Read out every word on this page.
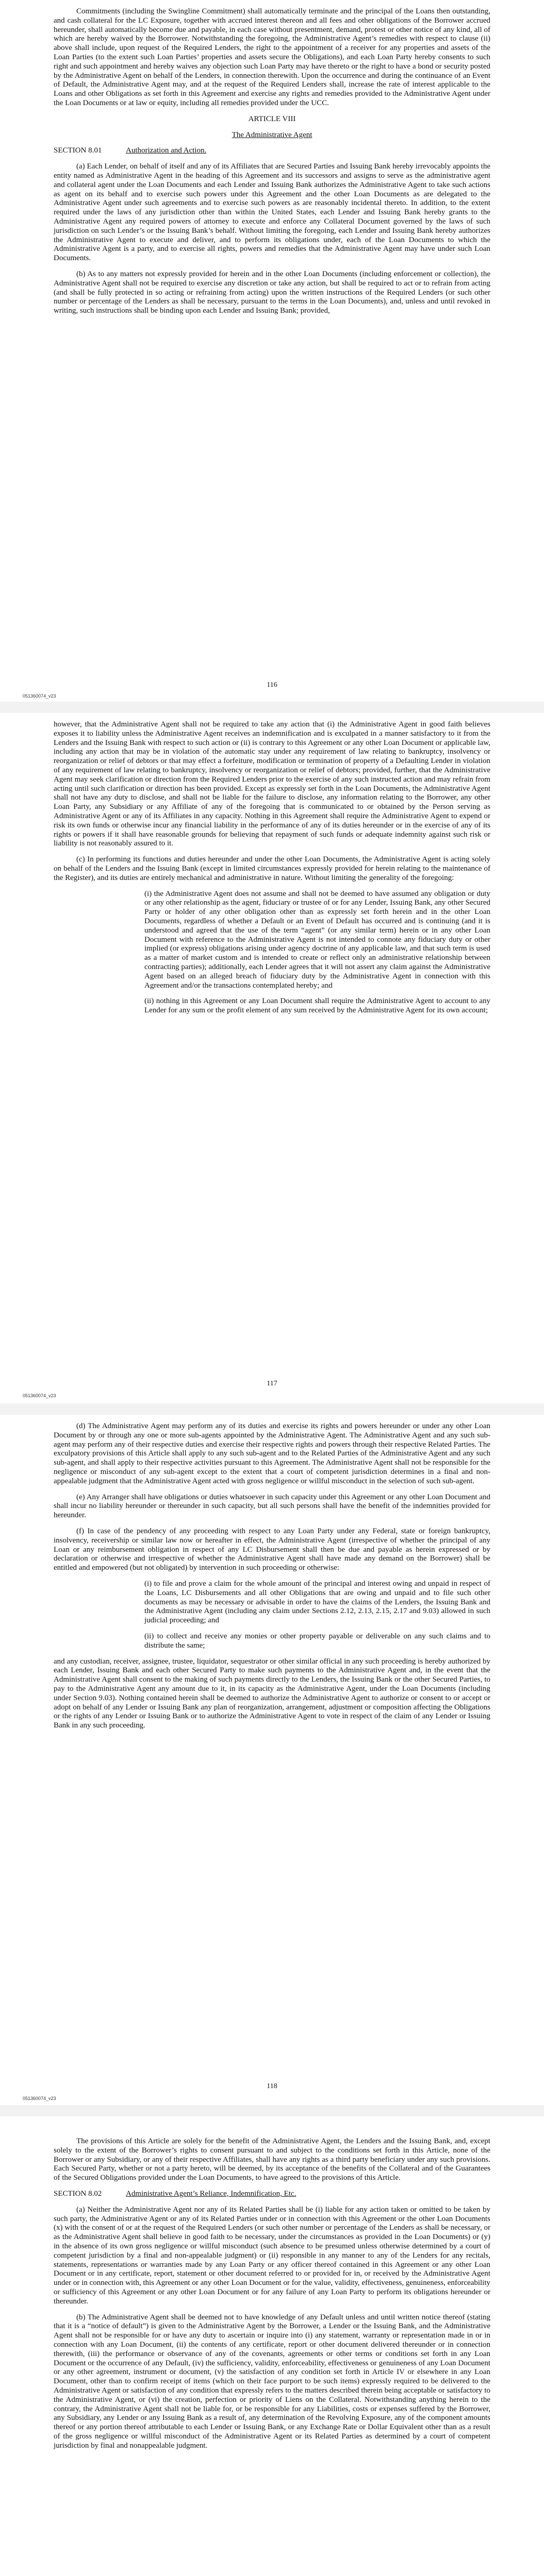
Commitments (including the Swingline Commitment) shall automatically terminate and the principal of the Loans then outstanding, and cash collateral for the LC Exposure, together with accrued interest thereon and all fees and other obligations of the Borrower accrued hereunder, shall automatically become due and payable, in each case without presentment, demand, protest or other notice of any kind, all of which are hereby waived by the Borrower. Notwithstanding the foregoing, the Administrative Agent’s remedies with respect to clause (ii) above shall include, upon request of the Required Lenders, the right to the appointment of a receiver for any properties and assets of the Loan Parties (to the extent such Loan Parties’ properties and assets secure the Obligations), and each Loan Party hereby consents to such right and such appointment and hereby waives any objection such Loan Party may have thereto or the right to have a bond or security posted by the Administrative Agent on behalf of the Lenders, in connection therewith. Upon the occurrence and during the continuance of an Event of Default, the Administrative Agent may, and at the request of the Required Lenders shall, increase the rate of interest applicable to the Loans and other Obligations as set forth in this Agreement and exercise any rights and remedies provided to the Administrative Agent under the Loan Documents or at law or equity, including all remedies provided under the UCC.

ARTICLE VIII

The Administrative Agent

SECTION 8.01	Authorization and Action.

(a) Each Lender, on behalf of itself and any of its Affiliates that are Secured Parties and Issuing Bank hereby irrevocably appoints the entity named as Administrative Agent in the heading of this Agreement and its successors and assigns to serve as the administrative agent and collateral agent under the Loan Documents and each Lender and Issuing Bank authorizes the Administrative Agent to take such actions as agent on its behalf and to exercise such powers under this Agreement and the other Loan Documents as are delegated to the Administrative Agent under such agreements and to exercise such powers as are reasonably incidental thereto. In addition, to the extent required under the laws of any jurisdiction other than within the United States, each Lender and Issuing Bank hereby grants to the Administrative Agent any required powers of attorney to execute and enforce any Collateral Document governed by the laws of such jurisdiction on such Lender’s or the Issuing Bank’s behalf. Without limiting the foregoing, each Lender and Issuing Bank hereby authorizes the Administrative Agent to execute and deliver, and to perform its obligations under, each of the Loan Documents to which the Administrative Agent is a party, and to exercise all rights, powers and remedies that the Administrative Agent may have under such Loan Documents.

(b) As to any matters not expressly provided for herein and in the other Loan Documents (including enforcement or collection), the Administrative Agent shall not be required to exercise any discretion or take any action, but shall be required to act or to refrain from acting (and shall be fully protected in so acting or refraining from acting) upon the written instructions of the Required Lenders (or such other number or percentage of the Lenders as shall be necessary, pursuant to the terms in the Loan Documents), and, unless and until revoked in writing, such instructions shall be binding upon each Lender and Issuing Bank; provided,

116
051360074_v23

however, that the Administrative Agent shall not be required to take any action that (i) the Administrative Agent in good faith believes exposes it to liability unless the Administrative Agent receives an indemnification and is exculpated in a manner satisfactory to it from the Lenders and the Issuing Bank with respect to such action or (ii) is contrary to this Agreement or any other Loan Document or applicable law, including any action that may be in violation of the automatic stay under any requirement of law relating to bankruptcy, insolvency or reorganization or relief of debtors or that may effect a forfeiture, modification or termination of property of a Defaulting Lender in violation of any requirement of law relating to bankruptcy, insolvency or reorganization or relief of debtors; provided, further, that the Administrative Agent may seek clarification or direction from the Required Lenders prior to the exercise of any such instructed action and may refrain from acting until such clarification or direction has been provided. Except as expressly set forth in the Loan Documents, the Administrative Agent shall not have any duty to disclose, and shall not be liable for the failure to disclose, any information relating to the Borrower, any other Loan Party, any Subsidiary or any Affiliate of any of the foregoing that is communicated to or obtained by the Person serving as Administrative Agent or any of its Affiliates in any capacity. Nothing in this Agreement shall require the Administrative Agent to expend or risk its own funds or otherwise incur any financial liability in the performance of any of its duties hereunder or in the exercise of any of its rights or powers if it shall have reasonable grounds for believing that repayment of such funds or adequate indemnity against such risk or liability is not reasonably assured to it.

(c) In performing its functions and duties hereunder and under the other Loan Documents, the Administrative Agent is acting solely on behalf of the Lenders and the Issuing Bank (except in limited circumstances expressly provided for herein relating to the maintenance of the Register), and its duties are entirely mechanical and administrative in nature. Without limiting the generality of the foregoing:

(i) the Administrative Agent does not assume and shall not be deemed to have assumed any obligation or duty or any other relationship as the agent, fiduciary or trustee of or for any Lender, Issuing Bank, any other Secured Party or holder of any other obligation other than as expressly set forth herein and in the other Loan Documents, regardless of whether a Default or an Event of Default has occurred and is continuing (and it is understood and agreed that the use of the term “agent” (or any similar term) herein or in any other Loan Document with reference to the Administrative Agent is not intended to connote any fiduciary duty or other implied (or express) obligations arising under agency doctrine of any applicable law, and that such term is used as a matter of market custom and is intended to create or reflect only an administrative relationship between contracting parties); additionally, each Lender agrees that it will not assert any claim against the Administrative Agent based on an alleged breach of fiduciary duty by the Administrative Agent in connection with this Agreement and/or the transactions contemplated hereby; and

(ii) nothing in this Agreement or any Loan Document shall require the Administrative Agent to account to any Lender for any sum or the profit element of any sum received by the Administrative Agent for its own account;

117
051360074_v23

(d) The Administrative Agent may perform any of its duties and exercise its rights and powers hereunder or under any other Loan Document by or through any one or more sub-agents appointed by the Administrative Agent. The Administrative Agent and any such sub-agent may perform any of their respective duties and exercise their respective rights and powers through their respective Related Parties. The exculpatory provisions of this Article shall apply to any such sub-agent and to the Related Parties of the Administrative Agent and any such sub-agent, and shall apply to their respective activities pursuant to this Agreement. The Administrative Agent shall not be responsible for the negligence or misconduct of any sub-agent except to the extent that a court of competent jurisdiction determines in a final and non-appealable judgment that the Administrative Agent acted with gross negligence or willful misconduct in the selection of such sub-agent.

(e) Any Arranger shall have obligations or duties whatsoever in such capacity under this Agreement or any other Loan Document and shall incur no liability hereunder or thereunder in such capacity, but all such persons shall have the benefit of the indemnities provided for hereunder.

(f) In case of the pendency of any proceeding with respect to any Loan Party under any Federal, state or foreign bankruptcy, insolvency, receivership or similar law now or hereafter in effect, the Administrative Agent (irrespective of whether the principal of any Loan or any reimbursement obligation in respect of any LC Disbursement shall then be due and payable as herein expressed or by declaration or otherwise and irrespective of whether the Administrative Agent shall have made any demand on the Borrower) shall be entitled and empowered (but not obligated) by intervention in such proceeding or otherwise:

(i) to file and prove a claim for the whole amount of the principal and interest owing and unpaid in respect of the Loans, LC Disbursements and all other Obligations that are owing and unpaid and to file such other documents as may be necessary or advisable in order to have the claims of the Lenders, the Issuing Bank and the Administrative Agent (including any claim under Sections 2.12, 2.13, 2.15, 2.17 and 9.03) allowed in such judicial proceeding; and

(ii) to collect and receive any monies or other property payable or deliverable on any such claims and to distribute the same;

and any custodian, receiver, assignee, trustee, liquidator, sequestrator or other similar official in any such proceeding is hereby authorized by each Lender, Issuing Bank and each other Secured Party to make such payments to the Administrative Agent and, in the event that the Administrative Agent shall consent to the making of such payments directly to the Lenders, the Issuing Bank or the other Secured Parties, to pay to the Administrative Agent any amount due to it, in its capacity as the Administrative Agent, under the Loan Documents (including under Section 9.03). Nothing contained herein shall be deemed to authorize the Administrative Agent to authorize or consent to or accept or adopt on behalf of any Lender or Issuing Bank any plan of reorganization, arrangement, adjustment or composition affecting the Obligations or the rights of any Lender or Issuing Bank or to authorize the Administrative Agent to vote in respect of the claim of any Lender or Issuing Bank in any such proceeding.

118
051360074_v23

The provisions of this Article are solely for the benefit of the Administrative Agent, the Lenders and the Issuing Bank, and, except solely to the extent of the Borrower’s rights to consent pursuant to and subject to the conditions set forth in this Article, none of the Borrower or any Subsidiary, or any of their respective Affiliates, shall have any rights as a third party beneficiary under any such provisions. Each Secured Party, whether or not a party hereto, will be deemed, by its acceptance of the benefits of the Collateral and of the Guarantees of the Secured Obligations provided under the Loan Documents, to have agreed to the provisions of this Article.

SECTION 8.02	Administrative Agent’s Reliance, Indemnification, Etc.

(a) Neither the Administrative Agent nor any of its Related Parties shall be (i) liable for any action taken or omitted to be taken by such party, the Administrative Agent or any of its Related Parties under or in connection with this Agreement or the other Loan Documents (x) with the consent of or at the request of the Required Lenders (or such other number or percentage of the Lenders as shall be necessary, or as the Administrative Agent shall believe in good faith to be necessary, under the circumstances as provided in the Loan Documents) or (y) in the absence of its own gross negligence or willful misconduct (such absence to be presumed unless otherwise determined by a court of competent jurisdiction by a final and non-appealable judgment) or (ii) responsible in any manner to any of the Lenders for any recitals, statements, representations or warranties made by any Loan Party or any officer thereof contained in this Agreement or any other Loan Document or in any certificate, report, statement or other document referred to or provided for in, or received by the Administrative Agent under or in connection with, this Agreement or any other Loan Document or for the value, validity, effectiveness, genuineness, enforceability or sufficiency of this Agreement or any other Loan Document or for any failure of any Loan Party to perform its obligations hereunder or thereunder.

(b) The Administrative Agent shall be deemed not to have knowledge of any Default unless and until written notice thereof (stating that it is a “notice of default”) is given to the Administrative Agent by the Borrower, a Lender or the Issuing Bank, and the Administrative Agent shall not be responsible for or have any duty to ascertain or inquire into (i) any statement, warranty or representation made in or in connection with any Loan Document, (ii) the contents of any certificate, report or other document delivered thereunder or in connection therewith, (iii) the performance or observance of any of the covenants, agreements or other terms or conditions set forth in any Loan Document or the occurrence of any Default, (iv) the sufficiency, validity, enforceability, effectiveness or genuineness of any Loan Document or any other agreement, instrument or document, (v) the satisfaction of any condition set forth in Article IV or elsewhere in any Loan Document, other than to confirm receipt of items (which on their face purport to be such items) expressly required to be delivered to the Administrative Agent or satisfaction of any condition that expressly refers to the matters described therein being acceptable or satisfactory to the Administrative Agent, or (vi) the creation, perfection or priority of Liens on the Collateral. Notwithstanding anything herein to the contrary, the Administrative Agent shall not be liable for, or be responsible for any Liabilities, costs or expenses suffered by the Borrower, any Subsidiary, any Lender or any Issuing Bank as a result of, any determination of the Revolving Exposure, any of the component amounts thereof or any portion thereof attributable to each Lender or Issuing Bank, or any Exchange Rate or Dollar Equivalent other than as a result of the gross negligence or willful misconduct of the Administrative Agent or its Related Parties as determined by a court of competent jurisdiction by final and nonappealable judgment.
